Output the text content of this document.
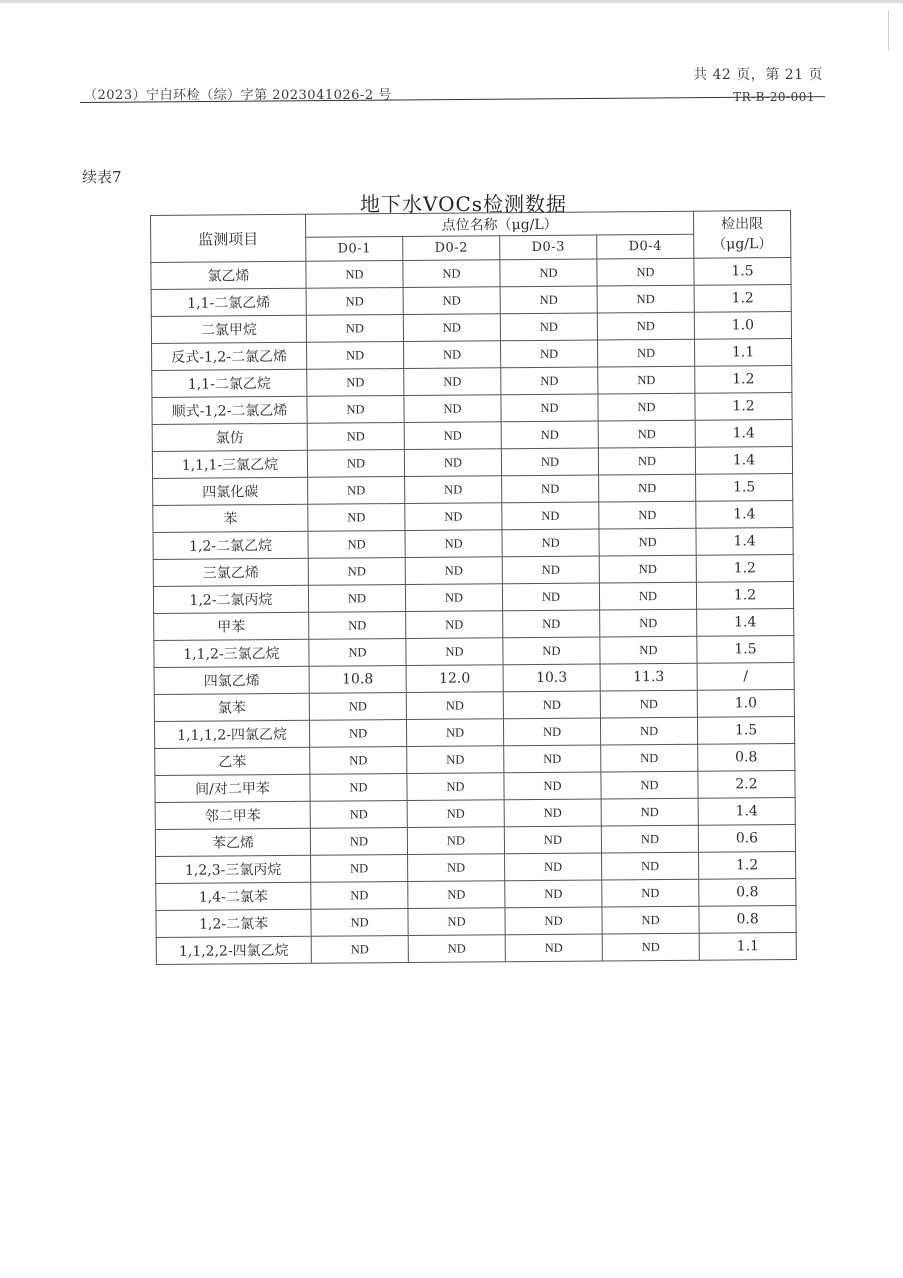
共 42 页，第 21 页
（2023）宁白环检（综）字第 2023041026-2 号	TR-B-20-001
续表7
地下水VOCs检测数据
监测项目	点位名称（μg/L）				检出限
（μg/L）

	D0-1	D0-2	D0-3	D0-4	
氯乙烯	ND	ND	ND	ND	1.5
1,1-二氯乙烯	ND	ND	ND	ND	1.2
二氯甲烷	ND	ND	ND	ND	1.0
反式-1,2-二氯乙烯	ND	ND	ND	ND	1.1
1,1-二氯乙烷	ND	ND	ND	ND	1.2
顺式-1,2-二氯乙烯	ND	ND	ND	ND	1.2
氯仿	ND	ND	ND	ND	1.4
1,1,1-三氯乙烷	ND	ND	ND	ND	1.4
四氯化碳	ND	ND	ND	ND	1.5
苯	ND	ND	ND	ND	1.4
1,2-二氯乙烷	ND	ND	ND	ND	1.4
三氯乙烯	ND	ND	ND	ND	1.2
1,2-二氯丙烷	ND	ND	ND	ND	1.2
甲苯	ND	ND	ND	ND	1.4
1,1,2-三氯乙烷	ND	ND	ND	ND	1.5
四氯乙烯	10.8	12.0	10.3	11.3	/
氯苯	ND	ND	ND	ND	1.0
1,1,1,2-四氯乙烷	ND	ND	ND	ND	1.5
乙苯	ND	ND	ND	ND	0.8
间/对二甲苯	ND	ND	ND	ND	2.2
邻二甲苯	ND	ND	ND	ND	1.4
苯乙烯	ND	ND	ND	ND	0.6
1,2,3-三氯丙烷	ND	ND	ND	ND	1.2
1,4-二氯苯	ND	ND	ND	ND	0.8
1,2-二氯苯	ND	ND	ND	ND	0.8
1,1,2,2-四氯乙烷	ND	ND	ND	ND	1.1
